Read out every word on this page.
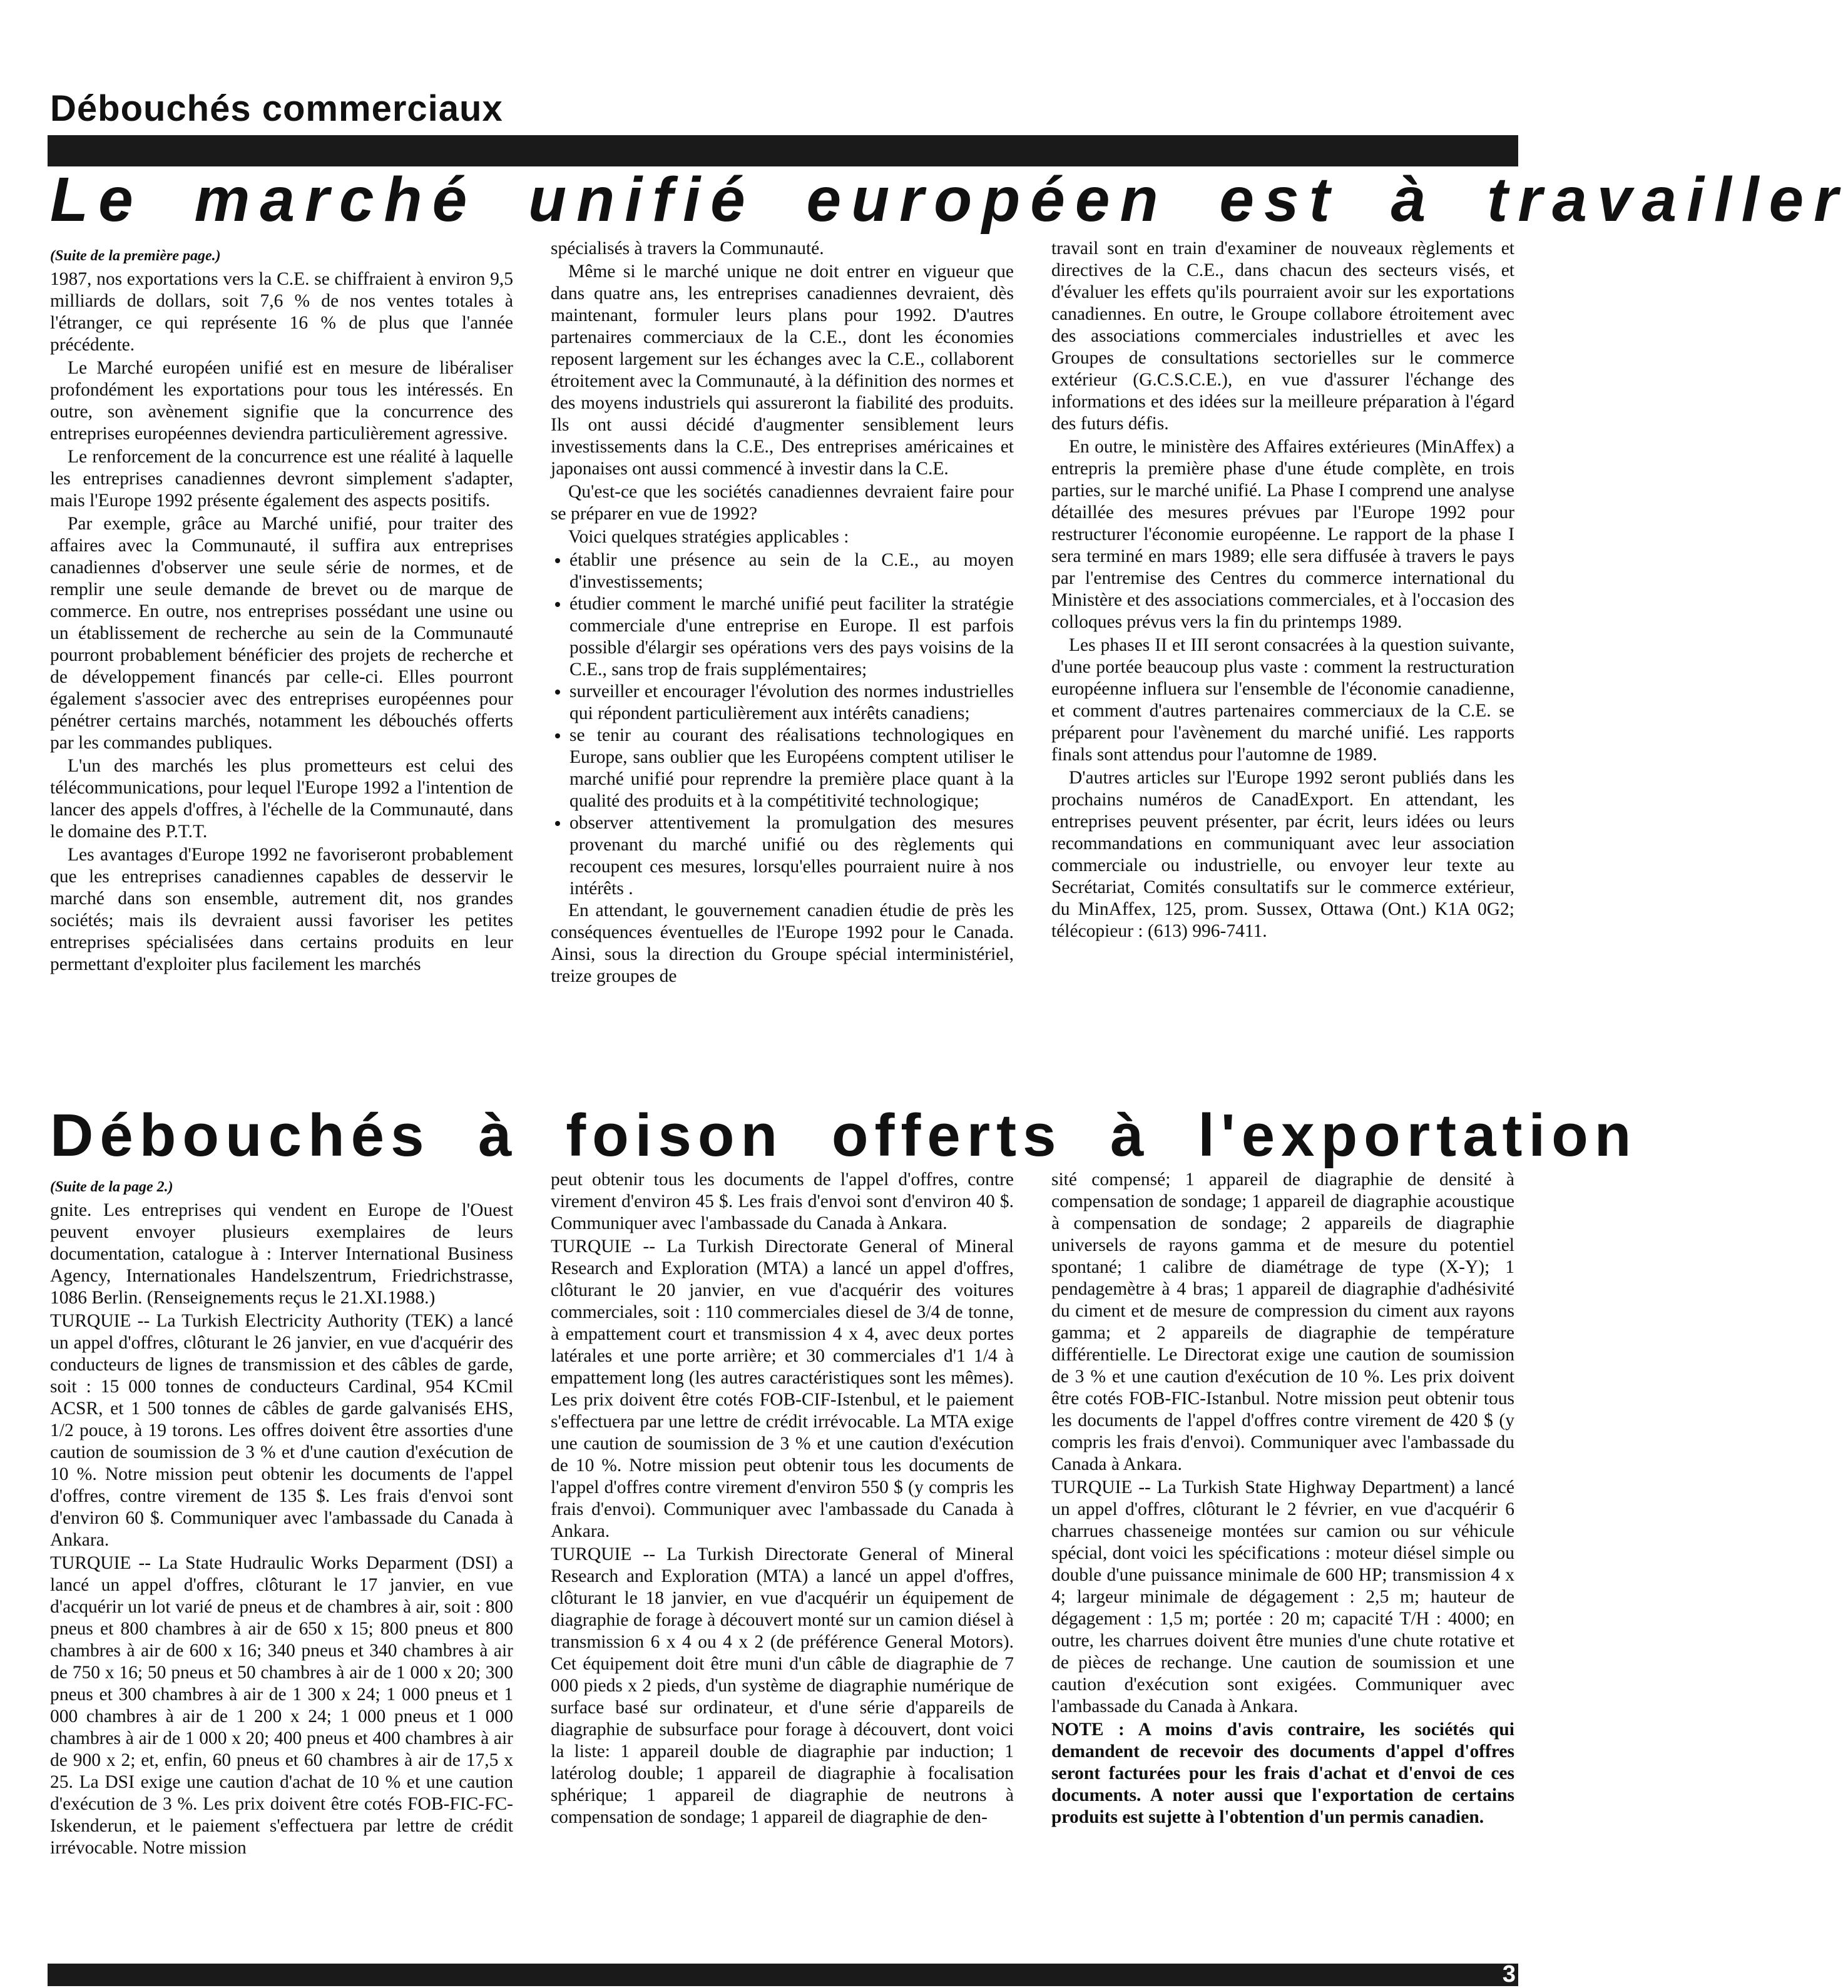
Débouchés commerciaux
Le marché unifié européen est à travailler

(Suite de la première page.)

1987, nos exportations vers la C.E. se chiffraient à environ 9,5 milliards de dollars, soit 7,6 % de nos ventes totales à l'étranger, ce qui représente 16 % de plus que l'année précédente.

Le Marché européen unifié est en mesure de libéraliser profondément les exportations pour tous les intéressés. En outre, son avènement signifie que la concurrence des entreprises européennes deviendra particulièrement agressive.

Le renforcement de la concurrence est une réalité à laquelle les entreprises canadiennes devront simplement s'adapter, mais l'Europe 1992 présente également des aspects positifs.

Par exemple, grâce au Marché unifié, pour traiter des affaires avec la Communauté, il suffira aux entreprises canadiennes d'observer une seule série de normes, et de remplir une seule demande de brevet ou de marque de commerce. En outre, nos entreprises possédant une usine ou un établissement de recherche au sein de la Communauté pourront probablement bénéficier des projets de recherche et de développement financés par celle-ci. Elles pourront également s'associer avec des entreprises européennes pour pénétrer certains marchés, notamment les débouchés offerts par les commandes publiques.

L'un des marchés les plus prometteurs est celui des télécommunications, pour lequel l'Europe 1992 a l'intention de lancer des appels d'offres, à l'échelle de la Communauté, dans le domaine des P.T.T.

Les avantages d'Europe 1992 ne favoriseront probablement que les entreprises canadiennes capables de desservir le marché dans son ensemble, autrement dit, nos grandes sociétés; mais ils devraient aussi favoriser les petites entreprises spécialisées dans certains produits en leur permettant d'exploiter plus facilement les marchés

spécialisés à travers la Communauté.

Même si le marché unique ne doit entrer en vigueur que dans quatre ans, les entreprises canadiennes devraient, dès maintenant, formuler leurs plans pour 1992. D'autres partenaires commerciaux de la C.E., dont les économies reposent largement sur les échanges avec la C.E., collaborent étroitement avec la Communauté, à la définition des normes et des moyens industriels qui assureront la fiabilité des produits. Ils ont aussi décidé d'augmenter sensiblement leurs investissements dans la C.E., Des entreprises américaines et japonaises ont aussi commencé à investir dans la C.E.

Qu'est-ce que les sociétés canadiennes devraient faire pour se préparer en vue de 1992?

Voici quelques stratégies applicables :

• établir une présence au sein de la C.E., au moyen d'investissements;
• étudier comment le marché unifié peut faciliter la stratégie commerciale d'une entreprise en Europe. Il est parfois possible d'élargir ses opérations vers des pays voisins de la C.E., sans trop de frais supplémentaires;
• surveiller et encourager l'évolution des normes industrielles qui répondent particulièrement aux intérêts canadiens;
• se tenir au courant des réalisations technologiques en Europe, sans oublier que les Européens comptent utiliser le marché unifié pour reprendre la première place quant à la qualité des produits et à la compétitivité technologique;
• observer attentivement la promulgation des mesures provenant du marché unifié ou des règlements qui recoupent ces mesures, lorsqu'elles pourraient nuire à nos intérêts .

En attendant, le gouvernement canadien étudie de près les conséquences éventuelles de l'Europe 1992 pour le Canada. Ainsi, sous la direction du Groupe spécial interministériel, treize groupes de

travail sont en train d'examiner de nouveaux règlements et directives de la C.E., dans chacun des secteurs visés, et d'évaluer les effets qu'ils pourraient avoir sur les exportations canadiennes. En outre, le Groupe collabore étroitement avec des associations commerciales industrielles et avec les Groupes de consultations sectorielles sur le commerce extérieur (G.C.S.C.E.), en vue d'assurer l'échange des informations et des idées sur la meilleure préparation à l'égard des futurs défis.

En outre, le ministère des Affaires extérieures (MinAffex) a entrepris la première phase d'une étude complète, en trois parties, sur le marché unifié. La Phase I comprend une analyse détaillée des mesures prévues par l'Europe 1992 pour restructurer l'économie européenne. Le rapport de la phase I sera terminé en mars 1989; elle sera diffusée à travers le pays par l'entremise des Centres du commerce international du Ministère et des associations commerciales, et à l'occasion des colloques prévus vers la fin du printemps 1989.

Les phases II et III seront consacrées à la question suivante, d'une portée beaucoup plus vaste : comment la restructuration européenne influera sur l'ensemble de l'économie canadienne, et comment d'autres partenaires commerciaux de la C.E. se préparent pour l'avènement du marché unifié. Les rapports finals sont attendus pour l'automne de 1989.

D'autres articles sur l'Europe 1992 seront publiés dans les prochains numéros de CanadExport. En attendant, les entreprises peuvent présenter, par écrit, leurs idées ou leurs recommandations en communiquant avec leur association commerciale ou industrielle, ou envoyer leur texte au Secrétariat, Comités consultatifs sur le commerce extérieur, du MinAffex, 125, prom. Sussex, Ottawa (Ont.) K1A 0G2; télécopieur : (613) 996-7411.

Débouchés à foison offerts à l'exportation

(Suite de la page 2.)

gnite. Les entreprises qui vendent en Europe de l'Ouest peuvent envoyer plusieurs exemplaires de leurs documentation, catalogue à : Interver International Business Agency, Internationales Handelszentrum, Friedrichstrasse, 1086 Berlin. (Renseignements reçus le 21.XI.1988.)

TURQUIE -- La Turkish Electricity Authority (TEK) a lancé un appel d'offres, clôturant le 26 janvier, en vue d'acquérir des conducteurs de lignes de transmission et des câbles de garde, soit : 15 000 tonnes de conducteurs Cardinal, 954 KCmil ACSR, et 1 500 tonnes de câbles de garde galvanisés EHS, 1/2 pouce, à 19 torons. Les offres doivent être assorties d'une caution de soumission de 3 % et d'une caution d'exécution de 10 %. Notre mission peut obtenir les documents de l'appel d'offres, contre virement de 135 $. Les frais d'envoi sont d'environ 60 $. Communiquer avec l'ambassade du Canada à Ankara.

TURQUIE -- La State Hudraulic Works Deparment (DSI) a lancé un appel d'offres, clôturant le 17 janvier, en vue d'acquérir un lot varié de pneus et de chambres à air, soit : 800 pneus et 800 chambres à air de 650 x 15; 800 pneus et 800 chambres à air de 600 x 16; 340 pneus et 340 chambres à air de 750 x 16; 50 pneus et 50 chambres à air de 1 000 x 20; 300 pneus et 300 chambres à air de 1 300 x 24; 1 000 pneus et 1 000 chambres à air de 1 200 x 24; 1 000 pneus et 1 000 chambres à air de 1 000 x 20; 400 pneus et 400 chambres à air de 900 x 2; et, enfin, 60 pneus et 60 chambres à air de 17,5 x 25. La DSI exige une caution d'achat de 10 % et une caution d'exécution de 3 %. Les prix doivent être cotés FOB-FIC-FC-Iskenderun, et le paiement s'effectuera par lettre de crédit irrévocable. Notre mission

peut obtenir tous les documents de l'appel d'offres, contre virement d'environ 45 $. Les frais d'envoi sont d'environ 40 $. Communiquer avec l'ambassade du Canada à Ankara.

TURQUIE -- La Turkish Directorate General of Mineral Research and Exploration (MTA) a lancé un appel d'offres, clôturant le 20 janvier, en vue d'acquérir des voitures commerciales, soit : 110 commerciales diesel de 3/4 de tonne, à empattement court et transmission 4 x 4, avec deux portes latérales et une porte arrière; et 30 commerciales d'1 1/4 à empattement long (les autres caractéristiques sont les mêmes). Les prix doivent être cotés FOB-CIF-Istenbul, et le paiement s'effectuera par une lettre de crédit irrévocable. La MTA exige une caution de soumission de 3 % et une caution d'exécution de 10 %. Notre mission peut obtenir tous les documents de l'appel d'offres contre virement d'environ 550 $ (y compris les frais d'envoi). Communiquer avec l'ambassade du Canada à Ankara.

TURQUIE -- La Turkish Directorate General of Mineral Research and Exploration (MTA) a lancé un appel d'offres, clôturant le 18 janvier, en vue d'acquérir un équipement de diagraphie de forage à découvert monté sur un camion diésel à transmission 6 x 4 ou 4 x 2 (de préférence General Motors). Cet équipement doit être muni d'un câble de diagraphie de 7 000 pieds x 2 pieds, d'un système de diagraphie numérique de surface basé sur ordinateur, et d'une série d'appareils de diagraphie de subsurface pour forage à découvert, dont voici la liste: 1 appareil double de diagraphie par induction; 1 latérolog double; 1 appareil de diagraphie à focalisation sphérique; 1 appareil de diagraphie de neutrons à compensation de sondage; 1 appareil de diagraphie de den-

sité compensé; 1 appareil de diagraphie de densité à compensation de sondage; 1 appareil de diagraphie acoustique à compensation de sondage; 2 appareils de diagraphie universels de rayons gamma et de mesure du potentiel spontané; 1 calibre de diamétrage de type (X-Y); 1 pendagemètre à 4 bras; 1 appareil de diagraphie d'adhésivité du ciment et de mesure de compression du ciment aux rayons gamma; et 2 appareils de diagraphie de température différentielle. Le Directorat exige une caution de soumission de 3 % et une caution d'exécution de 10 %. Les prix doivent être cotés FOB-FIC-Istanbul. Notre mission peut obtenir tous les documents de l'appel d'offres contre virement de 420 $ (y compris les frais d'envoi). Communiquer avec l'ambassade du Canada à Ankara.

TURQUIE -- La Turkish State Highway Department) a lancé un appel d'offres, clôturant le 2 février, en vue d'acquérir 6 charrues chasseneige montées sur camion ou sur véhicule spécial, dont voici les spécifications : moteur diésel simple ou double d'une puissance minimale de 600 HP; transmission 4 x 4; largeur minimale de dégagement : 2,5 m; hauteur de dégagement : 1,5 m; portée : 20 m; capacité T/H : 4000; en outre, les charrues doivent être munies d'une chute rotative et de pièces de rechange. Une caution de soumission et une caution d'exécution sont exigées. Communiquer avec l'ambassade du Canada à Ankara.

NOTE : A moins d'avis contraire, les sociétés qui demandent de recevoir des documents d'appel d'offres seront facturées pour les frais d'achat et d'envoi de ces documents. A noter aussi que l'exportation de certains produits est sujette à l'obtention d'un permis canadien.

3
